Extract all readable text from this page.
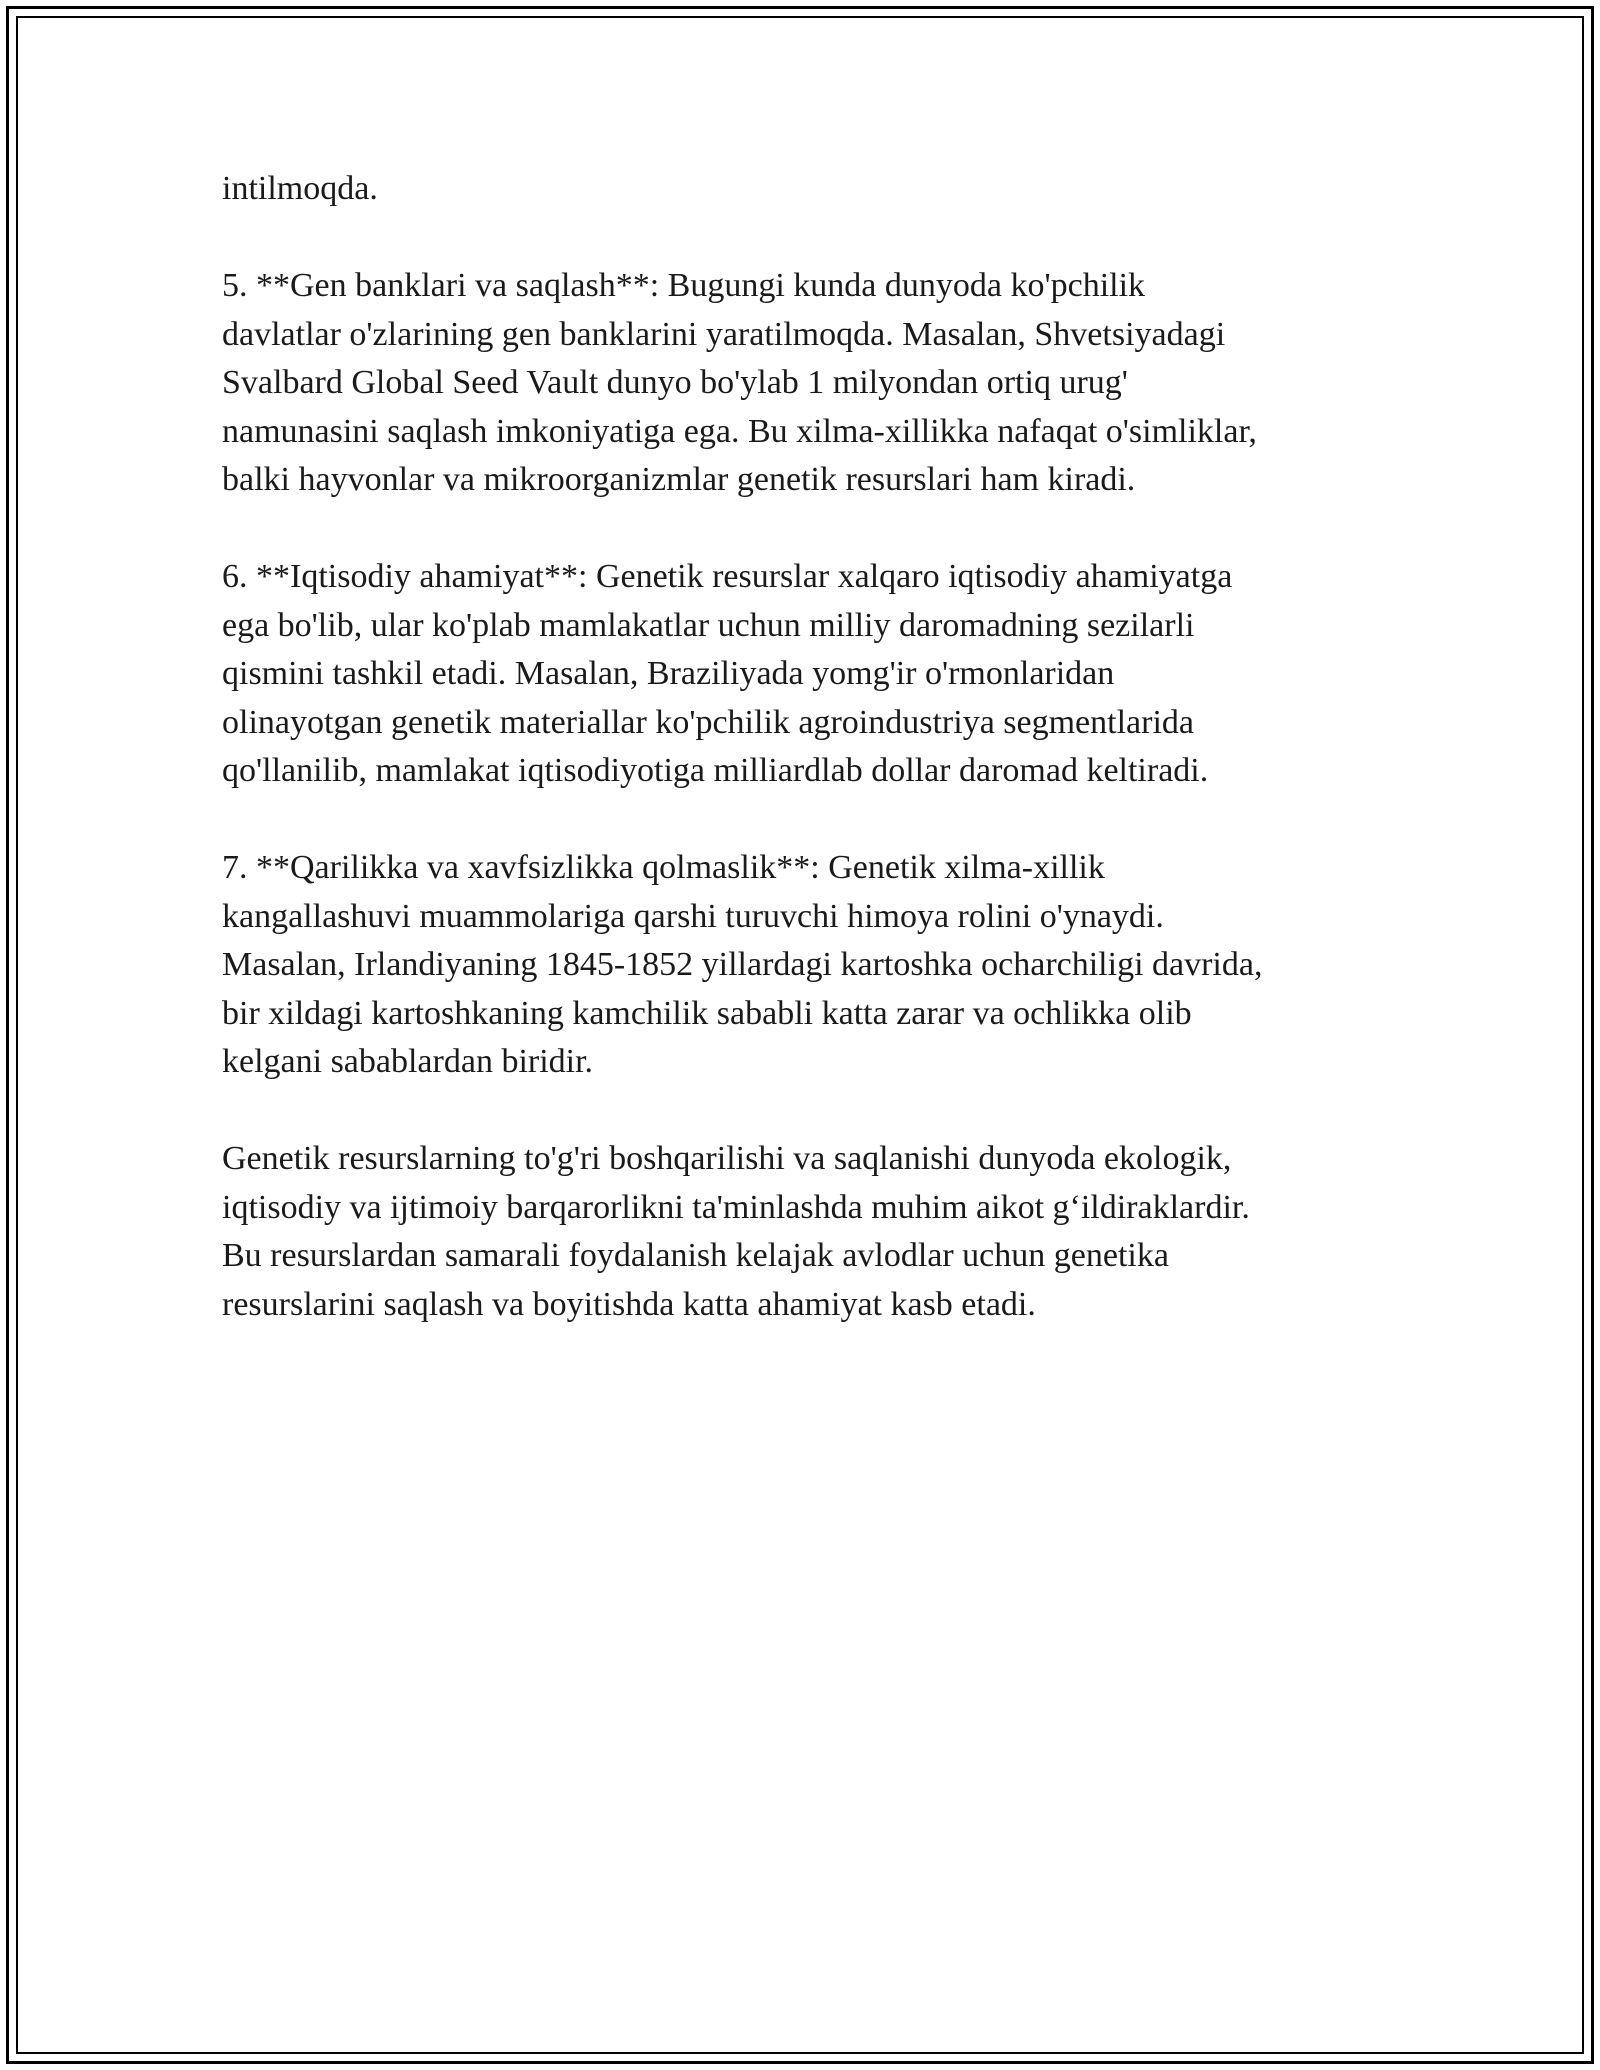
intilmoqda.

5. **Gen banklari va saqlash**: Bugungi kunda dunyoda ko'pchilik
davlatlar o'zlarining gen banklarini yaratilmoqda. Masalan, Shvetsiyadagi
Svalbard Global Seed Vault dunyo bo'ylab 1 milyondan ortiq urug'
namunasini saqlash imkoniyatiga ega. Bu xilma-xillikka nafaqat o'simliklar,
balki hayvonlar va mikroorganizmlar genetik resurslari ham kiradi.

6. **Iqtisodiy ahamiyat**: Genetik resurslar xalqaro iqtisodiy ahamiyatga
ega bo'lib, ular ko'plab mamlakatlar uchun milliy daromadning sezilarli
qismini tashkil etadi. Masalan, Braziliyada yomg'ir o'rmonlaridan
olinayotgan genetik materiallar ko'pchilik agroindustriya segmentlarida
qo'llanilib, mamlakat iqtisodiyotiga milliardlab dollar daromad keltiradi.

7. **Qarilikka va xavfsizlikka qolmaslik**: Genetik xilma-xillik
kangallashuvi muammolariga qarshi turuvchi himoya rolini o'ynaydi.
Masalan, Irlandiyaning 1845-1852 yillardagi kartoshka ocharchiligi davrida,
bir xildagi kartoshkaning kamchilik sababli katta zarar va ochlikka olib
kelgani sabablardan biridir.

Genetik resurslarning to'g'ri boshqarilishi va saqlanishi dunyoda ekologik,
iqtisodiy va ijtimoiy barqarorlikni ta'minlashda muhim aikot g‘ildiraklardir.
Bu resurslardan samarali foydalanish kelajak avlodlar uchun genetika
resurslarini saqlash va boyitishda katta ahamiyat kasb etadi.
